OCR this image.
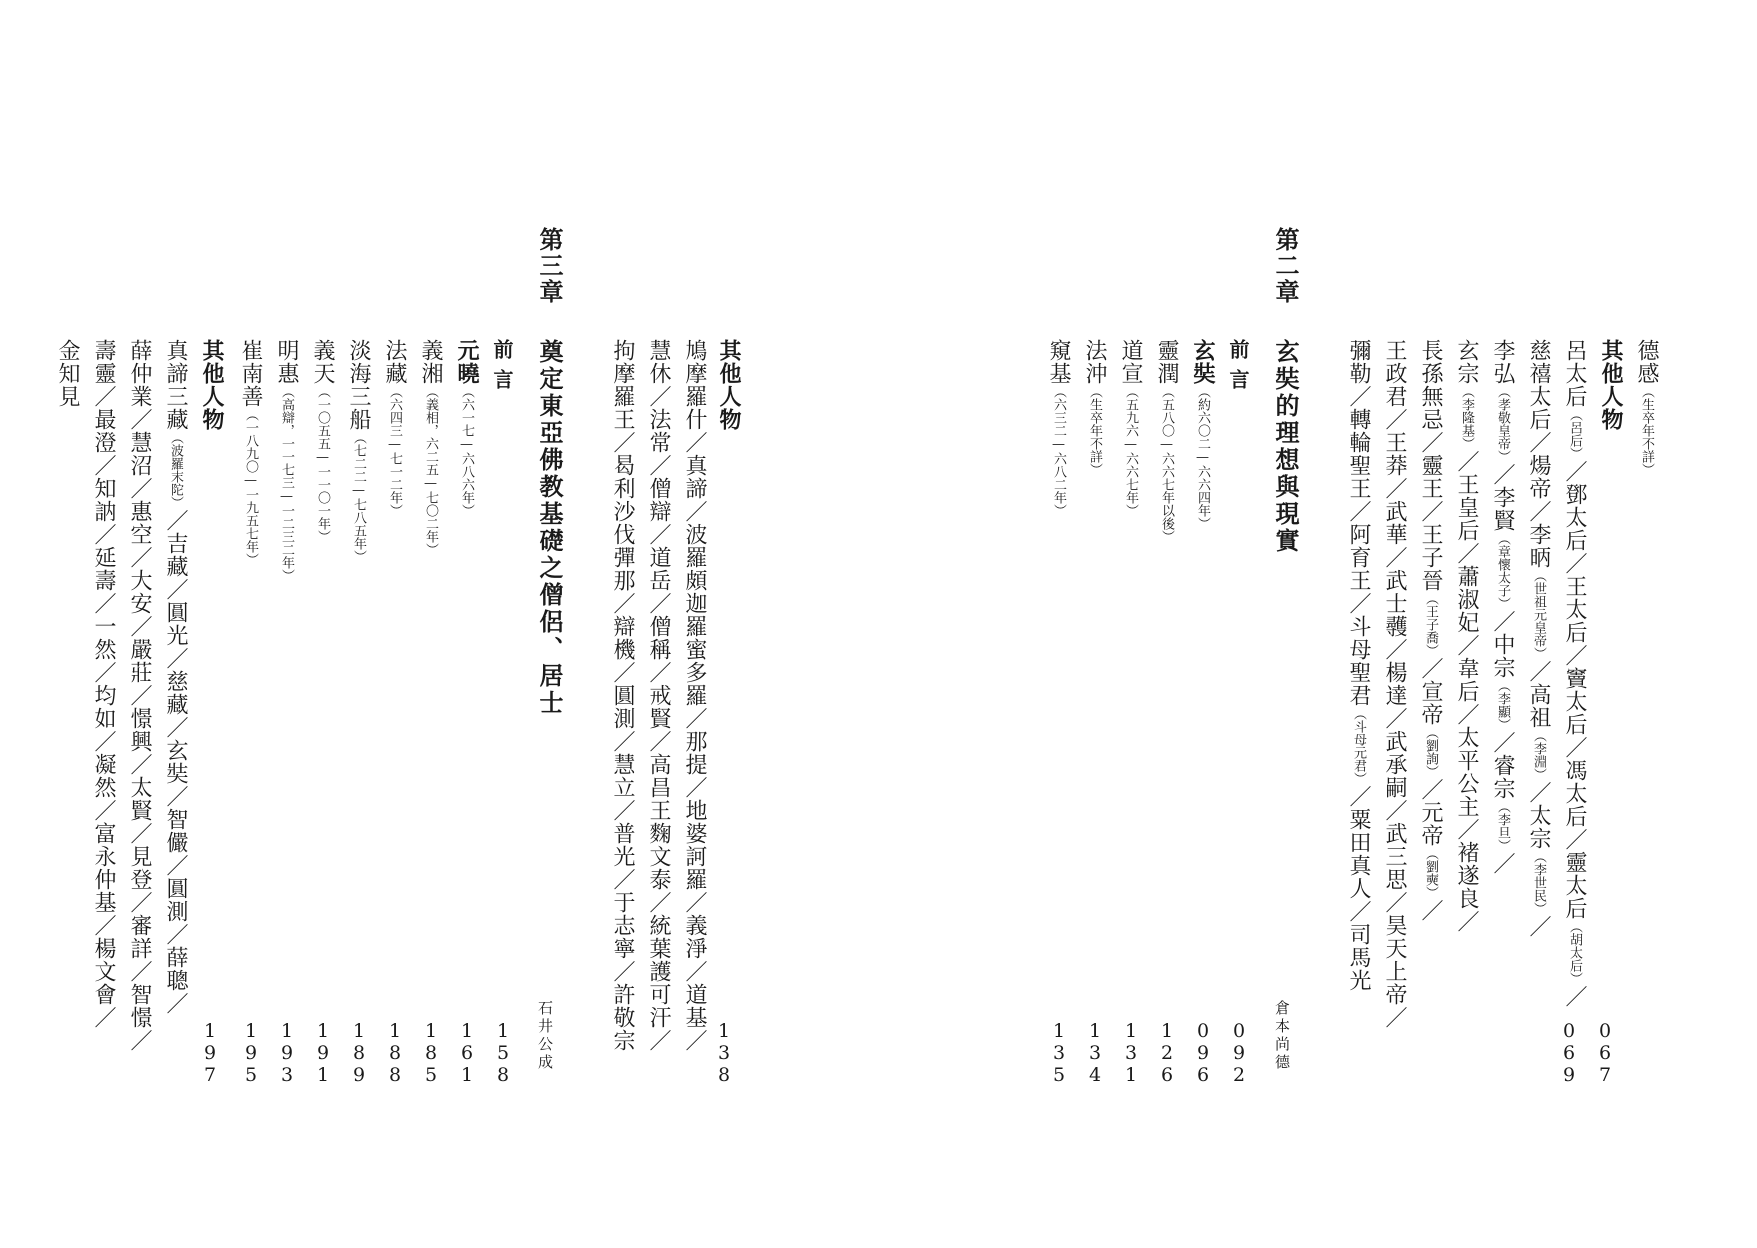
第三章
奠定東亞佛教基礎之僧侶、居士
石井公成
其他人物
鳩摩羅什／真諦／波羅頗迦羅蜜多羅／那提／地婆訶羅／義淨／道基／
慧休／法常／僧辯／道岳／僧稱／戒賢／高昌王麴文泰／統葉護可汗／
拘摩羅王／曷利沙伐彈那／辯機／圓測／慧立／普光／于志寧／許敬宗
前言
元曉（六一七—六八六年）
義湘（義相，六二五—七〇二年）
法藏（六四三—七一二年）
淡海三船（七二二—七八五年）
義天（一〇五五—一一〇一年）
明惠（高辯，一一七三—一二三二年）
崔南善（一八九〇—一九五七年）
其他人物
真諦三藏（波羅末陀）／吉藏／圓光／慈藏／玄奘／智儼／圓測／薛聰／
薛仲業／慧沼／惠空／大安／嚴莊／憬興／太賢／見登／審詳／智憬／
壽靈／最澄／知訥／延壽／一然／均如／凝然／富永仲基／楊文會／
金知見
138
158
161
185
188
189
191
193
195
197
第二章
玄奘的理想與現實
倉本尚德
德感（生卒年不詳）
其他人物
呂太后（呂后）／鄧太后／王太后／竇太后／馮太后／靈太后（胡太后）／
慈禧太后／煬帝／李昞（世祖元皇帝）／高祖（李淵）／太宗（李世民）／
李弘（孝敬皇帝）／李賢（章懷太子）／中宗（李顯）／睿宗（李旦）／
玄宗（李隆基）／王皇后／蕭淑妃／韋后／太平公主／褚遂良／
長孫無忌／靈王／王子晉（王子喬）／宣帝（劉詢）／元帝（劉奭）／
王政君／王莽／武華／武士彠／楊達／武承嗣／武三思／昊天上帝／
彌勒／轉輪聖王／阿育王／斗母聖君（斗母元君）／粟田真人／司馬光
前言
玄奘（約六〇二—六六四年）
靈潤（五八〇—六六七年以後）
道宣（五九六—六六七年）
法沖（生卒年不詳）
窺基（六三二—六八二年）
067
069
092
096
126
131
134
135
